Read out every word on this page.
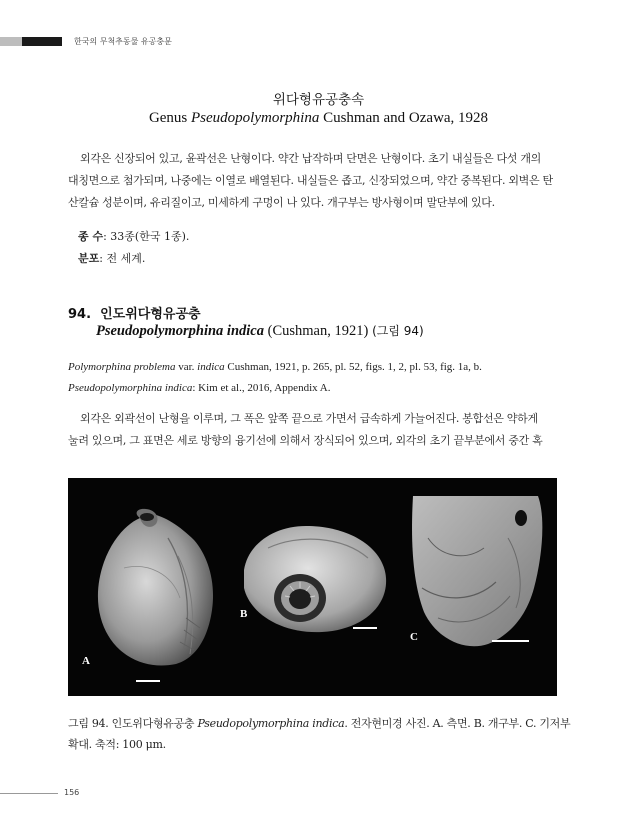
한국의 무척추동물 유공충문
위다형유공충속
Genus Pseudopolymorphina Cushman and Ozawa, 1928

외각은 신장되어 있고, 윤곽선은 난형이다. 약간 납작하며 단면은 난형이다. 초기 내실들은 다섯 개의
대칭면으로 첨가되며, 나중에는 이열로 배열된다. 내실들은 좁고, 신장되었으며, 약간 중복된다. 외벽은 탄
산칼슘 성분이며, 유리질이고, 미세하게 구멍이 나 있다. 개구부는 방사형이며 말단부에 있다.

종 수: 33종(한국 1종).
분포: 전 세계.
94. 인도위다형유공충
Pseudopolymorphina indica (Cushman, 1921) (그림 94)
Polymorphina problema var. indica Cushman, 1921, p. 265, pl. 52, figs. 1, 2, pl. 53, fig. 1a, b.
Pseudopolymorphina indica: Kim et al., 2016, Appendix A.

외각은 외곽선이 난형을 이루며, 그 폭은 앞쪽 끝으로 가면서 급속하게 가늘어진다. 봉합선은 약하게
눌려 있으며, 그 표면은 세로 방향의 융기선에 의해서 장식되어 있으며, 외각의 초기 끝부분에서 중간 혹

A
B
C
그림 94. 인도위다형유공충 Pseudopolymorphina indica. 전자현미경 사진. A. 측면. B. 개구부. C. 기저부
확대. 축적: 100 μm.
156
